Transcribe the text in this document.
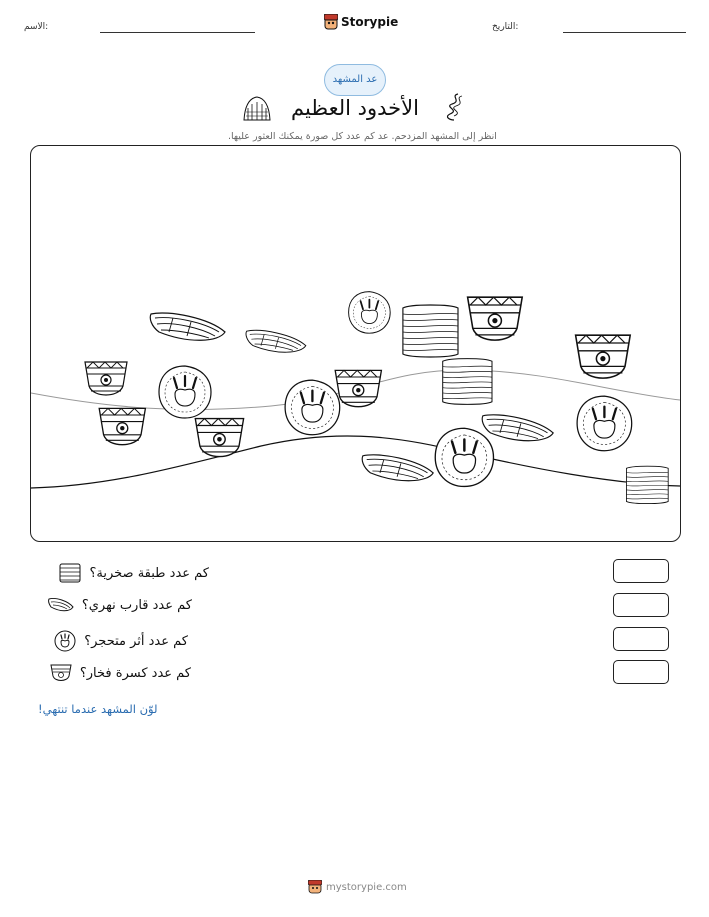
الاسم:	Storypie	التاريخ:
عد المشهد
الأخدود العظيم
انظر إلى المشهد المزدحم. عد كم عدد كل صورة يمكنك العثور عليها.
كم عدد طبقة صخرية؟
كم عدد قارب نهري؟
كم عدد أثر متحجر؟
كم عدد كسرة فخار؟
لوّن المشهد عندما تنتهي!
mystorypie.com
